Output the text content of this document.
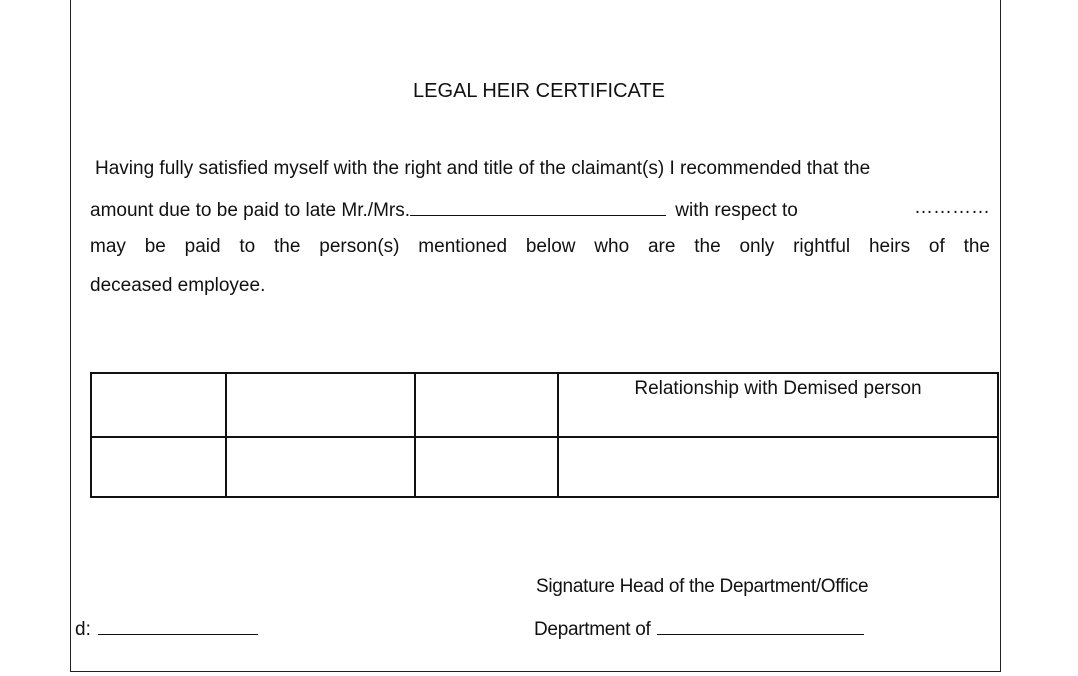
LEGAL HEIR CERTIFICATE
Having fully satisfied myself with the right and title of the claimant(s) I recommended that the
amount due to be paid to late Mr./Mrs.	with respect to	…………
may be paid to the person(s) mentioned below who are the only rightful heirs of the
deceased employee.
			Relationship with Demised person

Signature Head of the Department/Office
d:	Department of
